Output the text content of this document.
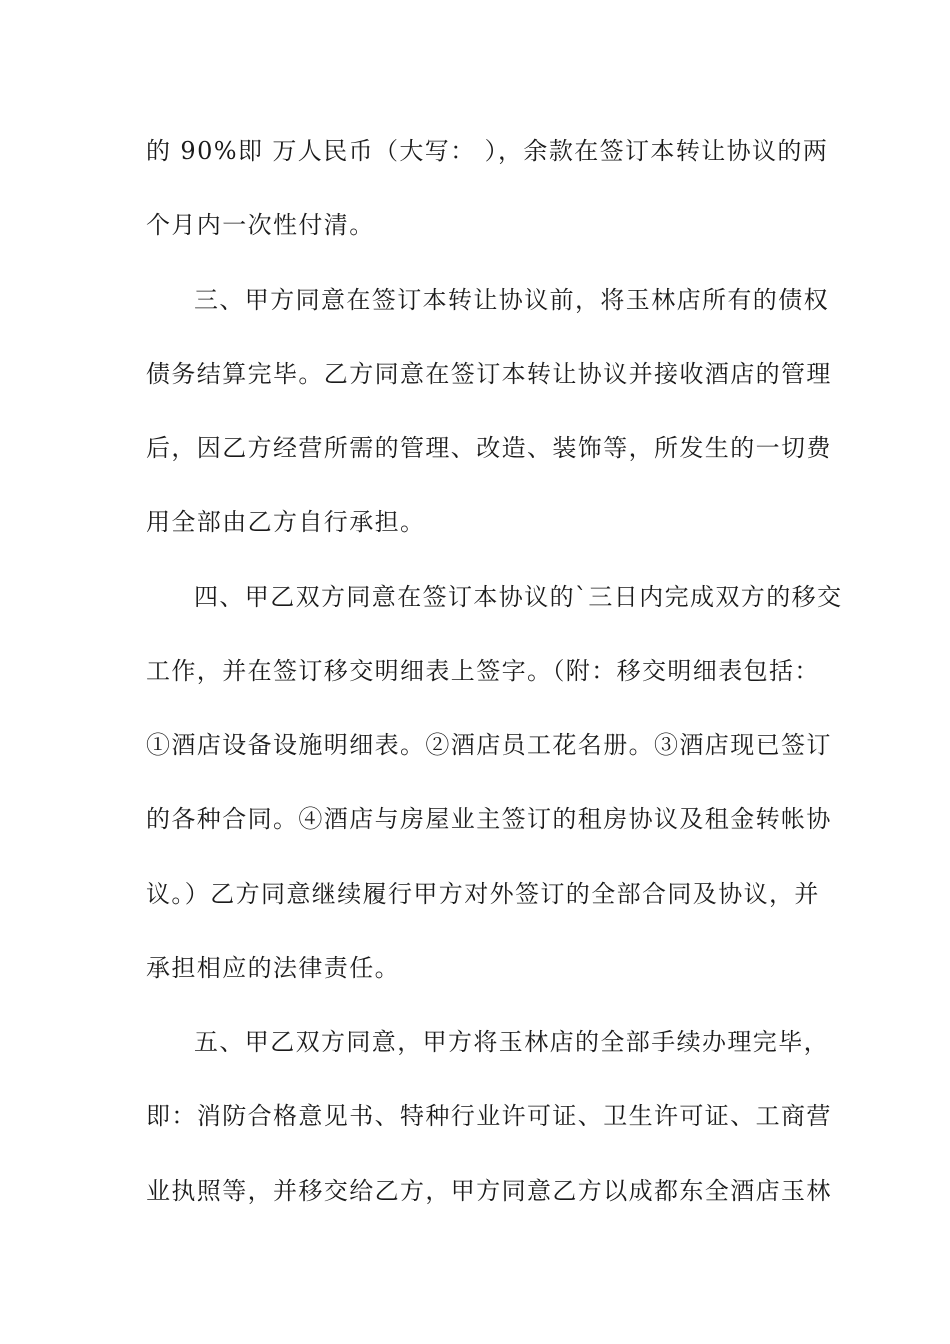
的 90%即 万人民币（大写： ），余款在签订本转让协议的两
个月内一次性付清。
三、甲方同意在签订本转让协议前，将玉林店所有的债权
债务结算完毕。乙方同意在签订本转让协议并接收酒店的管理
后，因乙方经营所需的管理、改造、装饰等，所发生的一切费
用全部由乙方自行承担。
四、甲乙双方同意在签订本协议的`三日内完成双方的移交
工作，并在签订移交明细表上签字。（附：移交明细表包括：
①酒店设备设施明细表。②酒店员工花名册。③酒店现已签订
的各种合同。④酒店与房屋业主签订的租房协议及租金转帐协
议。）乙方同意继续履行甲方对外签订的全部合同及协议，并
承担相应的法律责任。
五、甲乙双方同意，甲方将玉林店的全部手续办理完毕，
即：消防合格意见书、特种行业许可证、卫生许可证、工商营
业执照等，并移交给乙方，甲方同意乙方以成都东全酒店玉林
